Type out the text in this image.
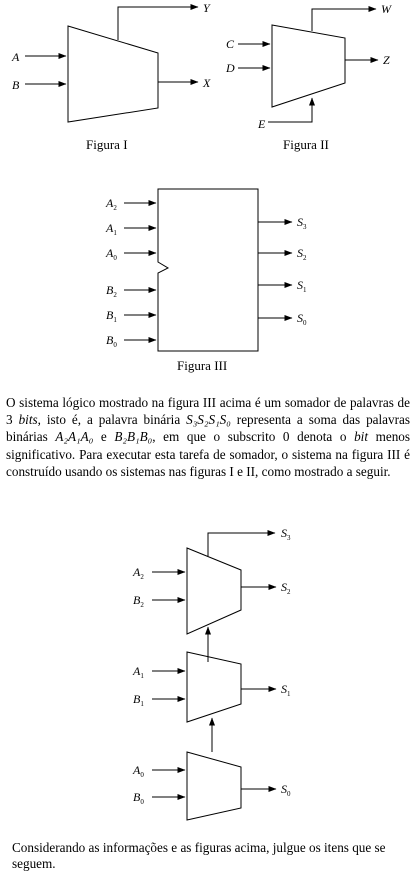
A
B
Y
X
Figura I
C
D
E
W
Z
Figura II
$A_2$
$A_1$
$A_0$
$B_2$
$B_1$
$B_0$
$S_3$
$S_2$
$S_1$
$S_0$
Figura III
$S_3$
$A_2$
$B_2$
$S_2$
$A_1$
$B_1$
$S_1$
$A_0$
$B_0$
$S_0$
O sistema lógico mostrado na figura III acima é um somador de palavras de 3 bits, isto é, a palavra binária S₃S₂S₁S₀ representa a soma das palavras binárias A₂A₁A₀ e B₂B₁B₀, em que o subscrito 0 denota o bit menos significativo. Para executar esta tarefa de somador, o sistema na figura III é construído usando os sistemas nas figuras I e II, como mostrado a seguir.
Considerando as informações e as figuras acima, julgue os itens que se seguem.
